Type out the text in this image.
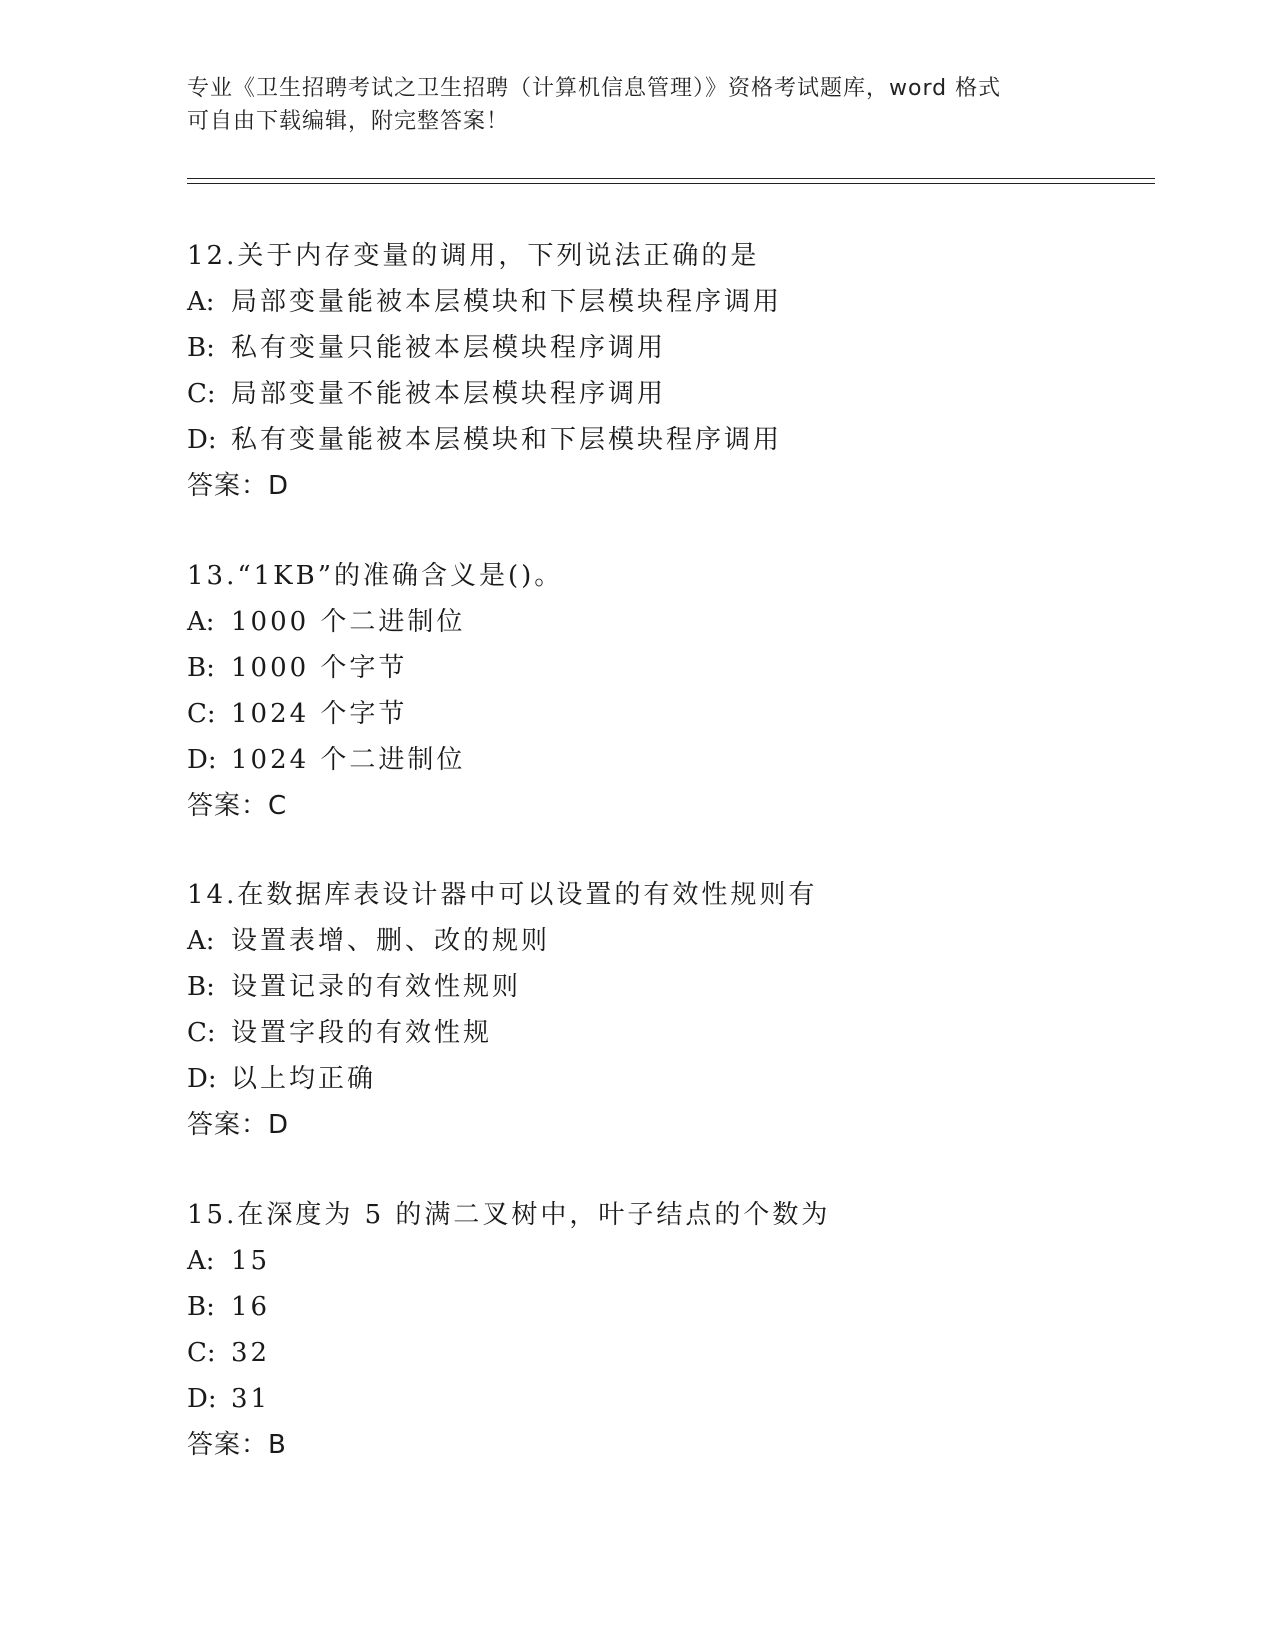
专业《卫生招聘考试之卫生招聘（计算机信息管理）》资格考试题库，word 格式
可自由下载编辑，附完整答案！
12.关于内存变量的调用，下列说法正确的是
A: 局部变量能被本层模块和下层模块程序调用
B: 私有变量只能被本层模块程序调用
C: 局部变量不能被本层模块程序调用
D: 私有变量能被本层模块和下层模块程序调用
答案：D
13.“1KB”的准确含义是()。
A: 1000 个二进制位
B: 1000 个字节
C: 1024 个字节
D: 1024 个二进制位
答案：C
14.在数据库表设计器中可以设置的有效性规则有
A: 设置表增、删、改的规则
B: 设置记录的有效性规则
C: 设置字段的有效性规
D: 以上均正确
答案：D
15.在深度为 5 的满二叉树中，叶子结点的个数为
A: 15
B: 16
C: 32
D: 31
答案：B
